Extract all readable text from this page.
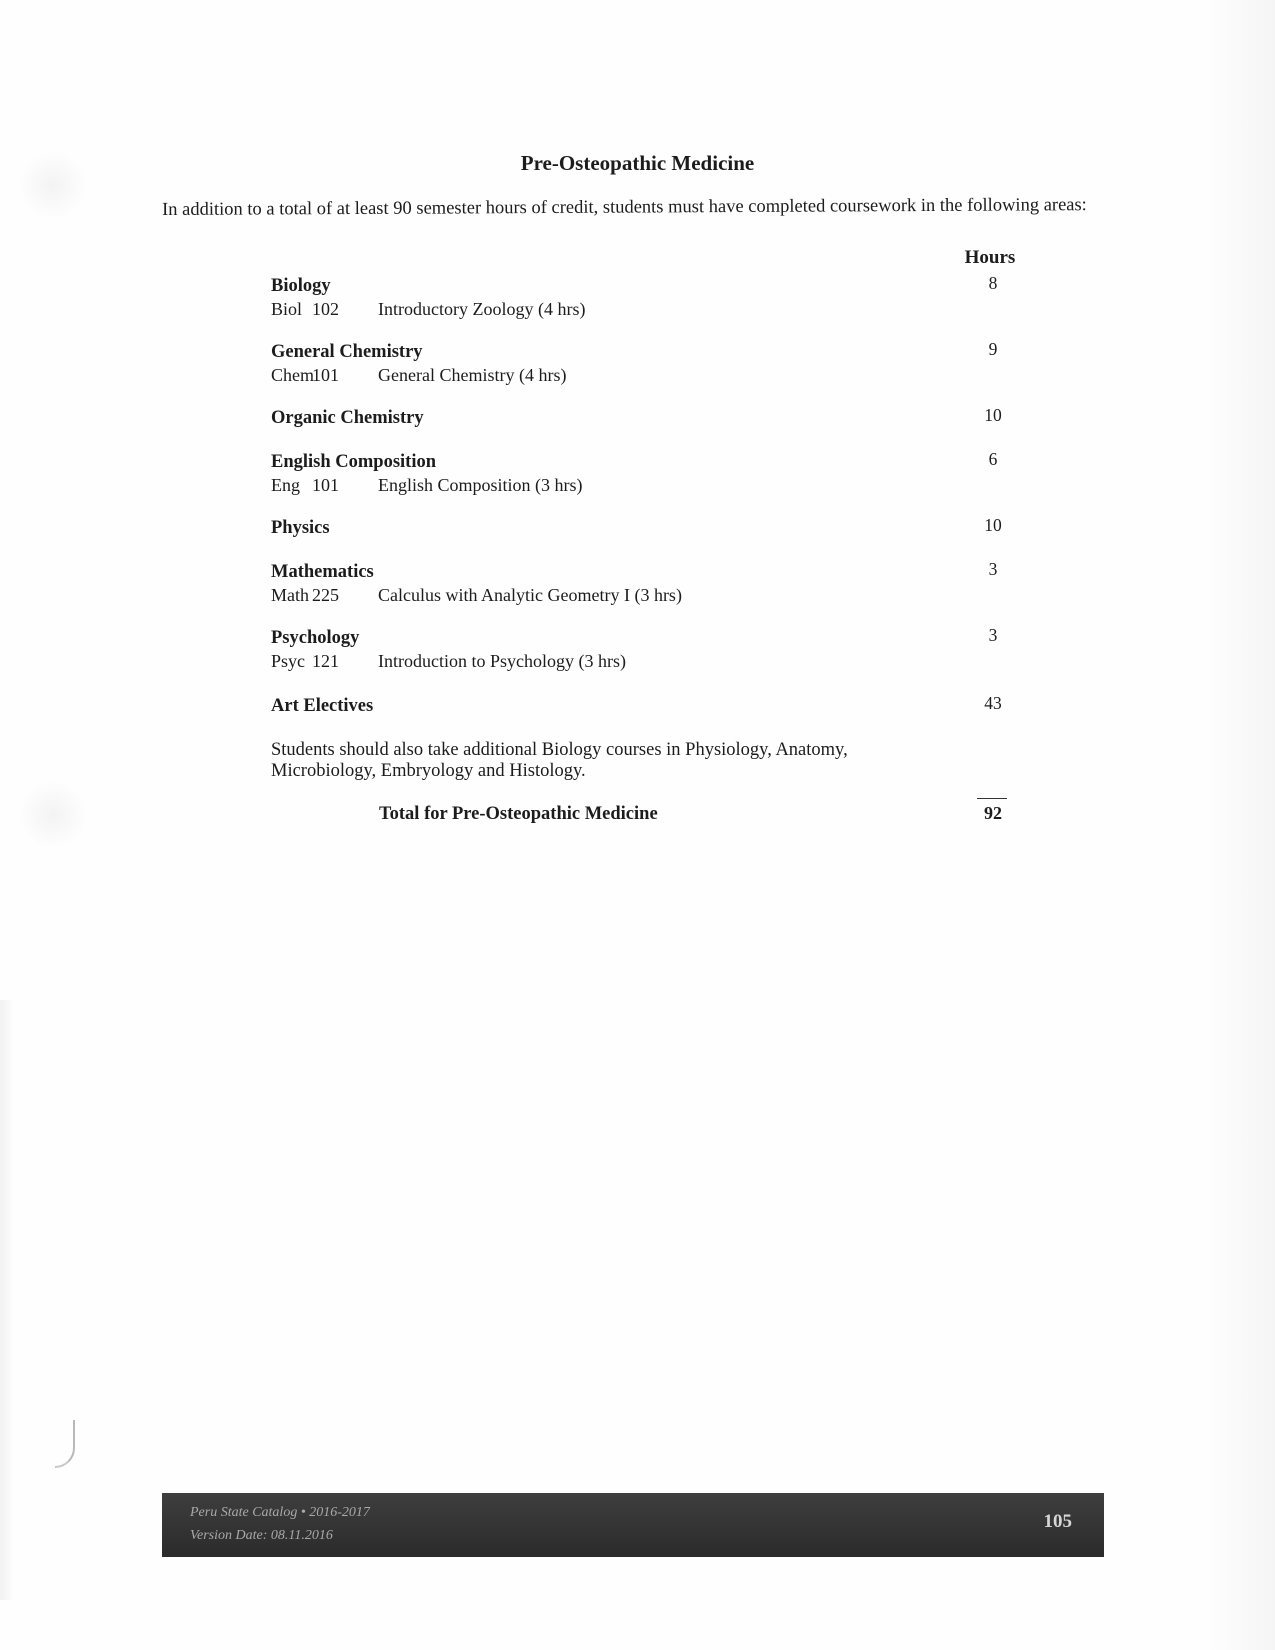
Pre-Osteopathic Medicine
In addition to a total of at least 90 semester hours of credit, students must have completed coursework in the following areas:
Hours
Biology	8
Biol 102 Introductory Zoology (4 hrs)
General Chemistry	9
Chem101 General Chemistry (4 hrs)
Organic Chemistry	10
English Composition	6
Eng 101 English Composition (3 hrs)
Physics	10
Mathematics	3
Math 225 Calculus with Analytic Geometry I (3 hrs)
Psychology	3
Psyc 121 Introduction to Psychology (3 hrs)
Art Electives	43
Students should also take additional Biology courses in Physiology, Anatomy, Microbiology, Embryology and Histology.
Total for Pre-Osteopathic Medicine	92
Peru State Catalog • 2016-2017
Version Date: 08.11.2016
105
